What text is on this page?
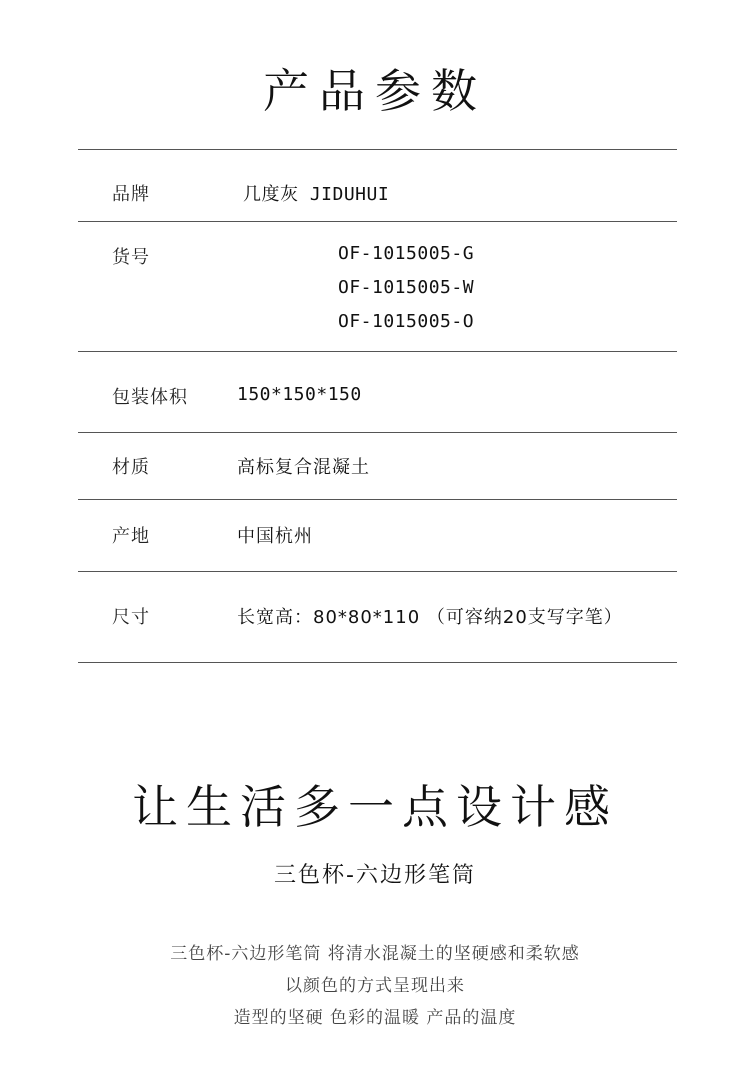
产品参数
品牌	几度灰 JIDUHUI
货号	OF-1015005-G
OF-1015005-W
OF-1015005-O
包装体积	150*150*150
材质	高标复合混凝土
产地	中国杭州
尺寸	长宽高：80*80*110 （可容纳20支写字笔）
让生活多一点设计感
三色杯-六边形笔筒
三色杯-六边形笔筒 将清水混凝土的坚硬感和柔软感
以颜色的方式呈现出来
造型的坚硬 色彩的温暖 产品的温度
